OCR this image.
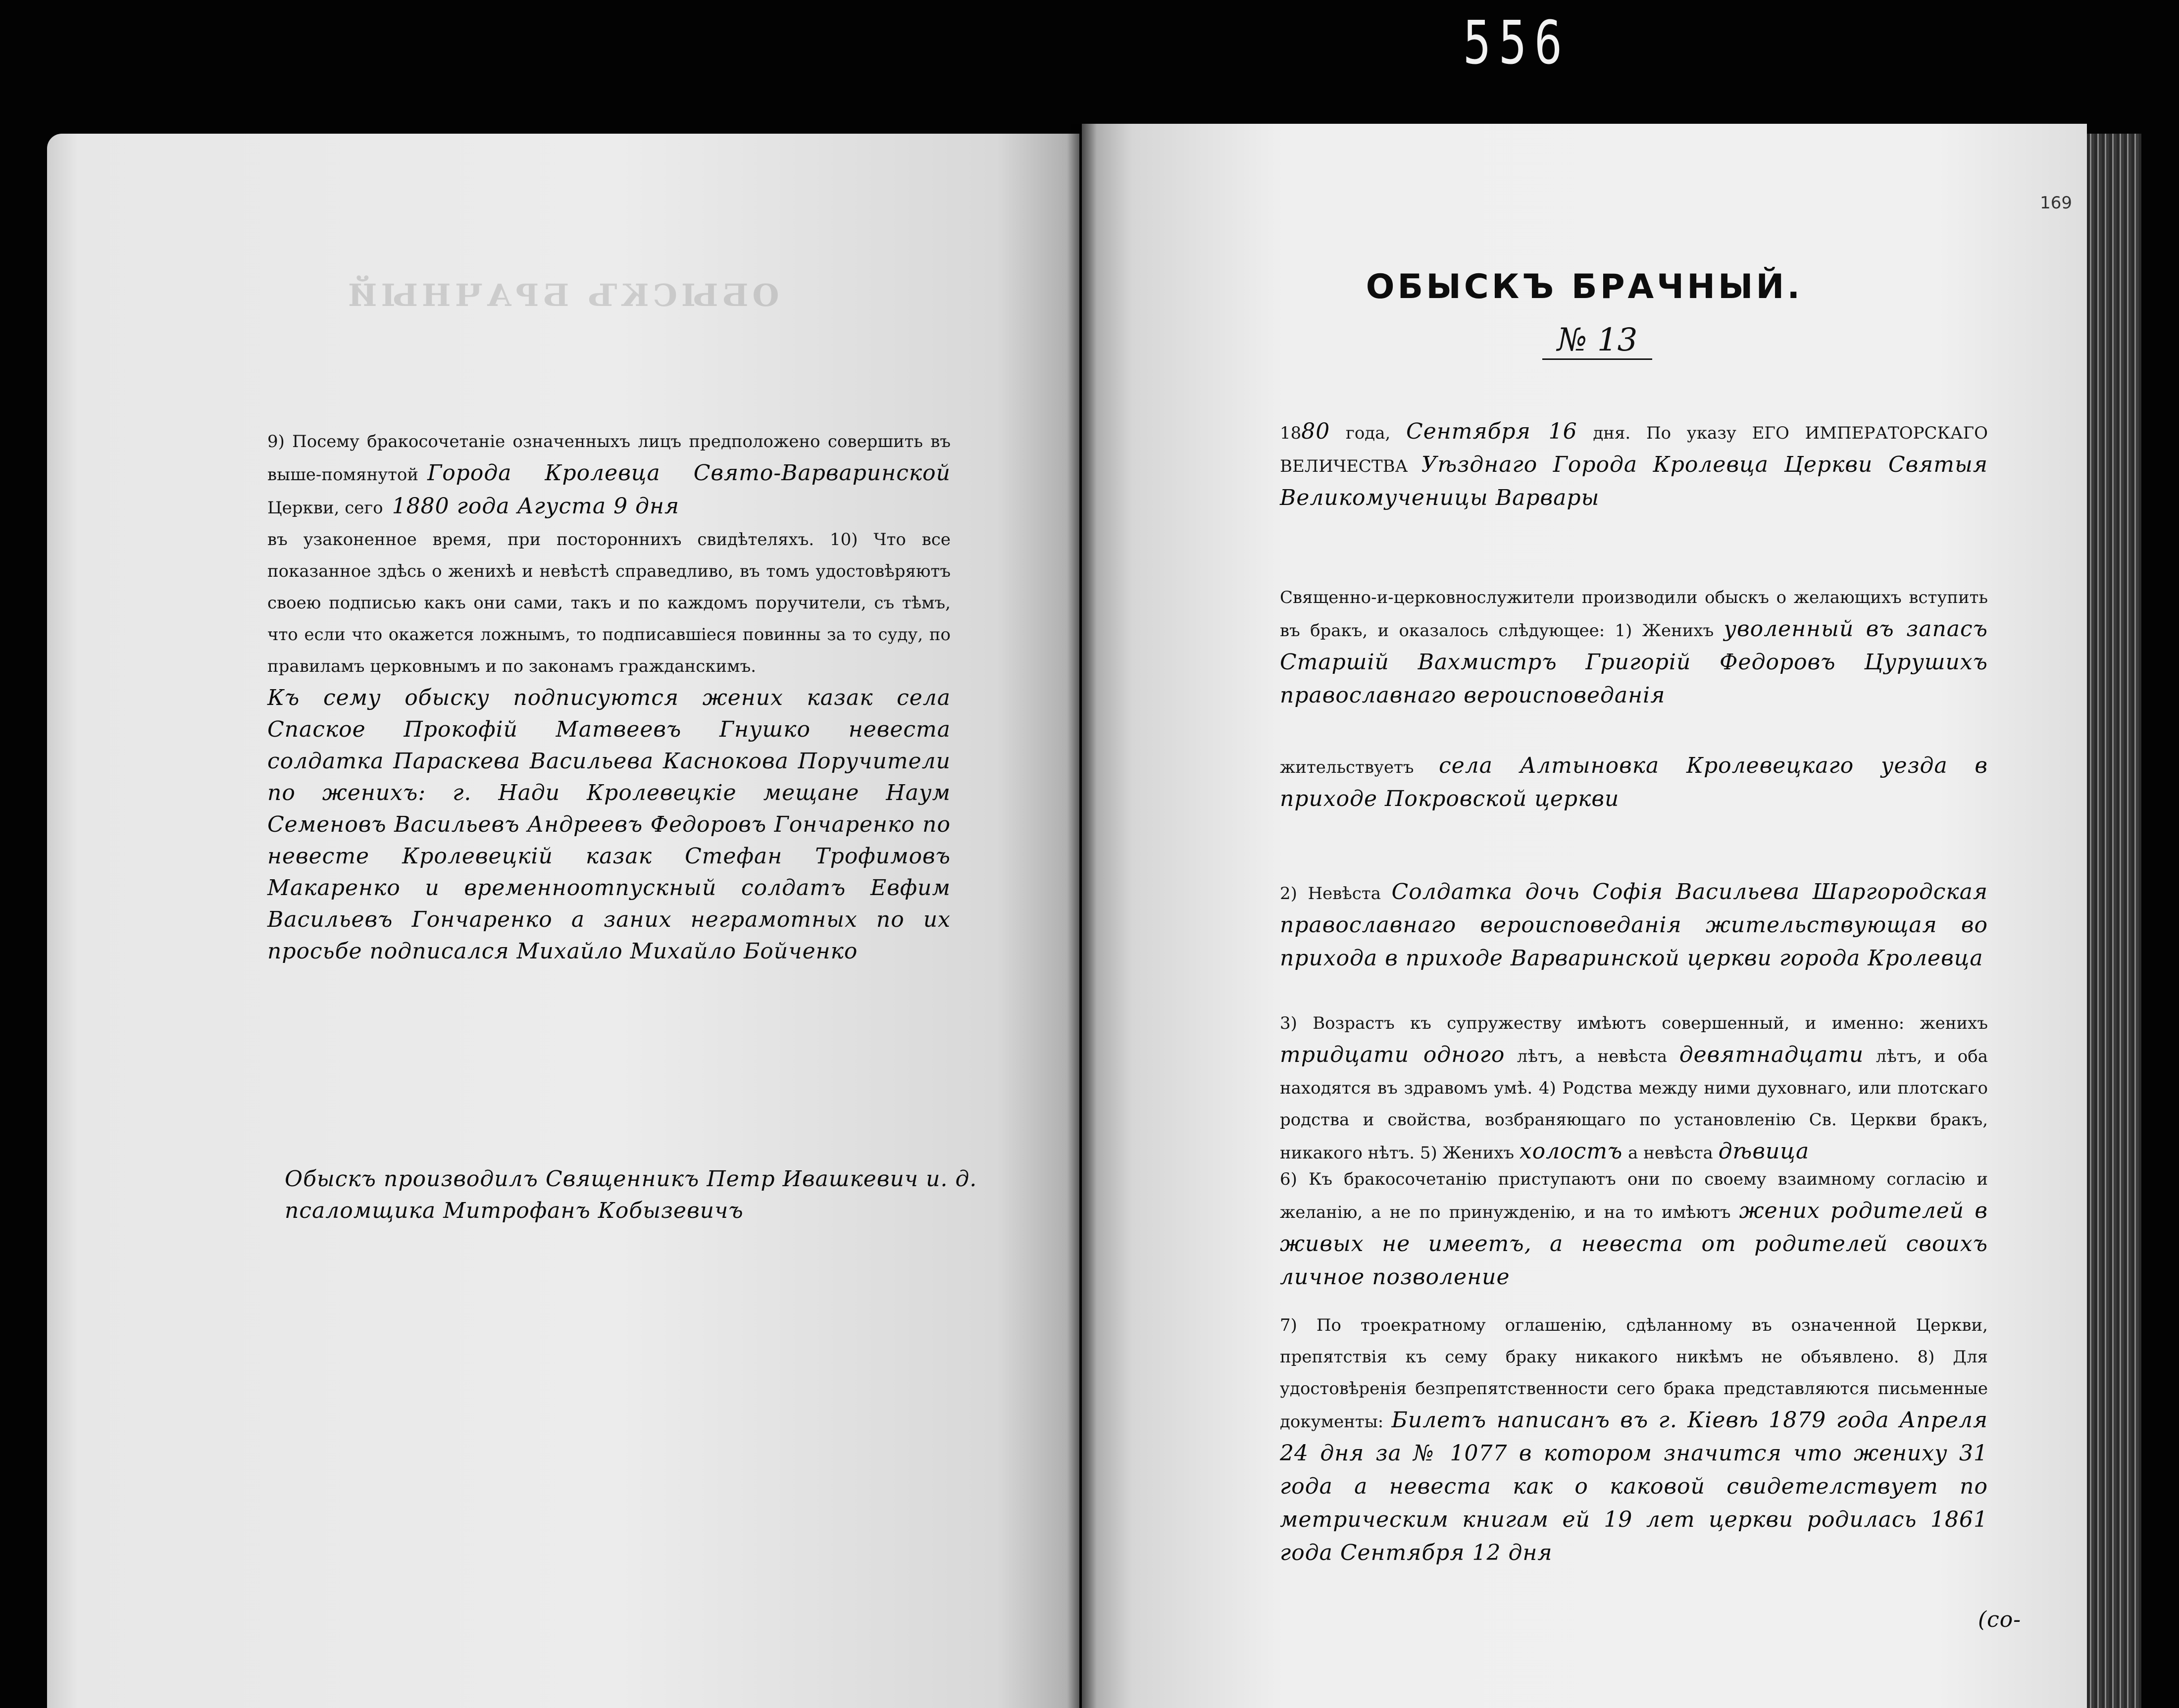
556
ОБЫСКЪ БРАЧНЫЙ
9) Посему бракосочетаніе означенныхъ лицъ предположено совершить въ выше-помянутой Города Кролевца Свято-Варваринской Церкви, сего 1880 года Агуста 9 дня
въ узаконенное время, при постороннихъ свидѣтеляхъ. 10) Что все показанное здѣсь о женихѣ и невѣстѣ справедливо, въ томъ удостовѣряютъ своею подписью какъ они сами, такъ и по каждомъ поручители, съ тѣмъ, что если что окажется ложнымъ, то подписавшіеся повинны за то суду, по правиламъ церковнымъ и по законамъ гражданскимъ.
Къ сему обыску подписуются жених казак села Спаское Прокофій Матвеевъ Гнушко невеста солдатка Параскева Васильева Каснокова Поручители по женихъ: г. Нади Кролевецкіе мещане Наум Семеновъ Васильевъ Андреевъ Федоровъ Гончаренко по невесте Кролевецкій казак Стефан Трофимовъ Макаренко и временноотпускный солдатъ Евфим Васильевъ Гончаренко а заних неграмотных по их просьбе подписался Михайло Михайло Бойченко
Обыскъ производилъ Священникъ Петр Ивашкевич и. д. псаломщика Митрофанъ Кобызевичъ
169
ОБЫСКЪ БРАЧНЫЙ.
№ 13
1880 года, Сентября 16 дня. По указу ЕГО ИМПЕРАТОРСКАГО ВЕЛИЧЕСТВА Уѣзднаго Города Кролевца Церкви Святыя Великомученицы Варвары
Священно-и-церковнослужители производили обыскъ о желающихъ вступить въ бракъ, и оказалось слѣдующее: 1) Женихъ уволенный въ запасъ Старшій Вахмистръ Григорій Федоровъ Цурушихъ православнаго вероисповеданія
жительствуетъ села Алтыновка Кролевецкаго уезда в приходе Покровской церкви
2) Невѣста Солдатка дочь Софія Васильева Шаргородская православнаго вероисповеданія жительствующая во прихода в приходе Варваринской церкви города Кролевца
3) Возрастъ къ супружеству имѣютъ совершенный, и именно: женихъ тридцати одного лѣтъ, а невѣста девятнадцати лѣтъ, и оба находятся въ здравомъ умѣ. 4) Родства между ними духовнаго, или плотскаго родства и свойства, возбраняющаго по установленію Св. Церкви бракъ, никакого нѣтъ. 5) Женихъ холостъ а невѣста дѣвица
6) Къ бракосочетанію приступаютъ они по своему взаимному согласію и желанію, а не по принужденію, и на то имѣютъ жених родителей в живых не имеетъ, а невеста от родителей своихъ личное позволение
7) По троекратному оглашенію, сдѣланному въ означенной Церкви, препятствія къ сему браку никакого никѣмъ не объявлено. 8) Для удостовѣренія безпрепятственности сего брака представляются письменные документы: Билетъ написанъ въ г. Кіевѣ 1879 года Апреля 24 дня за № 1077 в котором значится что жениху 31 года а невеста как о каковой свидетелствует по метрическим книгам ей 19 лет церкви родилась 1861 года Сентября 12 дня
(со-
